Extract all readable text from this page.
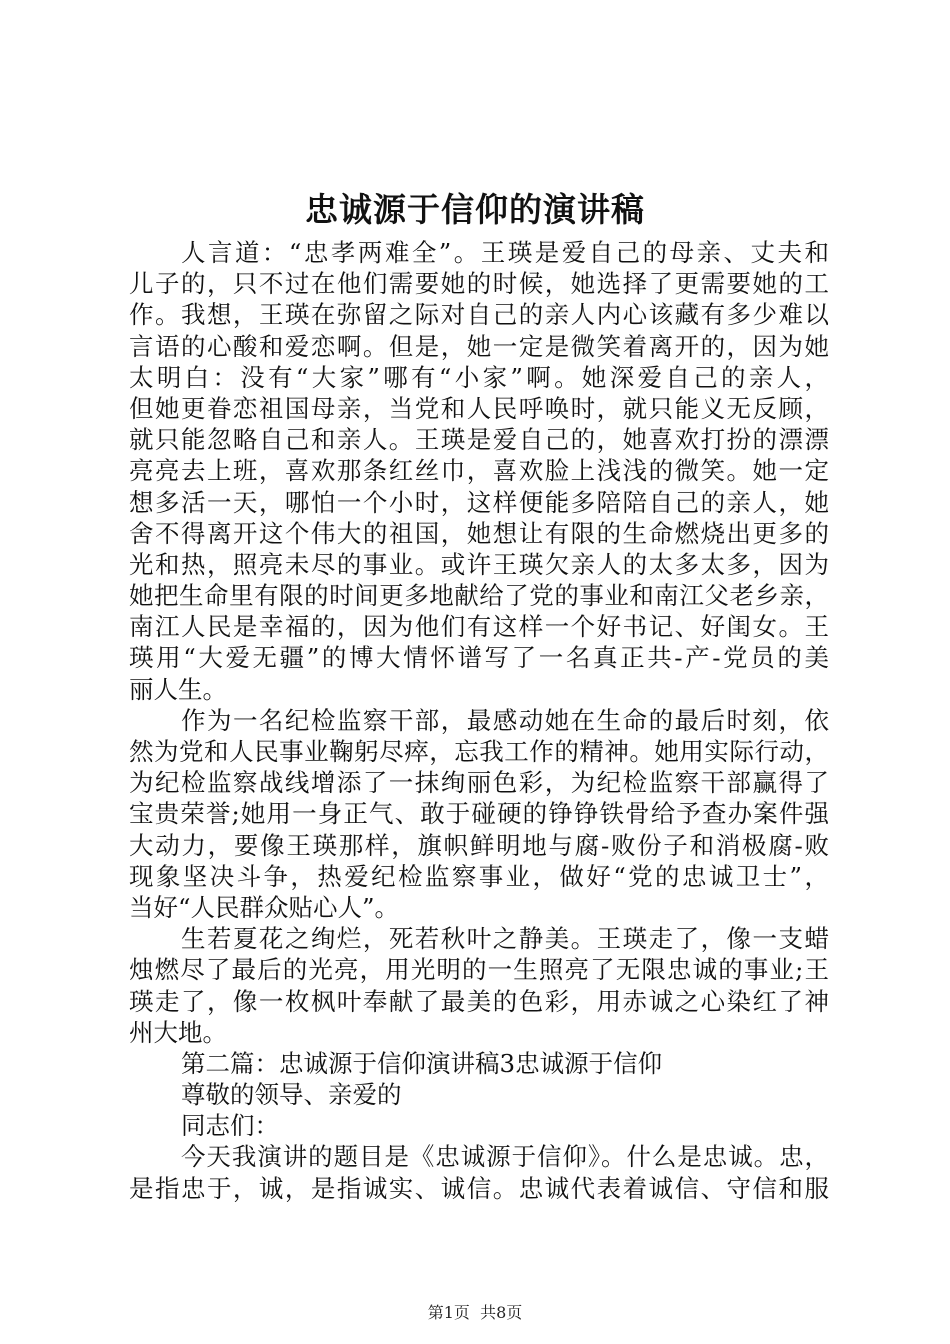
忠诚源于信仰的演讲稿

人言道：“忠孝两难全”。王瑛是爱自己的母亲、丈夫和

儿子的，只不过在他们需要她的时候，她选择了更需要她的工

作。我想，王瑛在弥留之际对自己的亲人内心该藏有多少难以

言语的心酸和爱恋啊。但是，她一定是微笑着离开的，因为她

太明白：没有“大家”哪有“小家”啊。她深爱自己的亲人，

但她更眷恋祖国母亲，当党和人民呼唤时，就只能义无反顾，

就只能忽略自己和亲人。王瑛是爱自己的，她喜欢打扮的漂漂

亮亮去上班，喜欢那条红丝巾，喜欢脸上浅浅的微笑。她一定

想多活一天，哪怕一个小时，这样便能多陪陪自己的亲人，她

舍不得离开这个伟大的祖国，她想让有限的生命燃烧出更多的

光和热，照亮未尽的事业。或许王瑛欠亲人的太多太多，因为

她把生命里有限的时间更多地献给了党的事业和南江父老乡亲，

南江人民是幸福的，因为他们有这样一个好书记、好闺女。王

瑛用“大爱无疆”的博大情怀谱写了一名真正共-产-党员的美

丽人生。

作为一名纪检监察干部，最感动她在生命的最后时刻，依

然为党和人民事业鞠躬尽瘁，忘我工作的精神。她用实际行动，

为纪检监察战线增添了一抹绚丽色彩，为纪检监察干部赢得了

宝贵荣誉;她用一身正气、敢于碰硬的铮铮铁骨给予查办案件强

大动力，要像王瑛那样，旗帜鲜明地与腐-败份子和消极腐-败

现象坚决斗争，热爱纪检监察事业，做好“党的忠诚卫士”，

当好“人民群众贴心人”。

生若夏花之绚烂，死若秋叶之静美。王瑛走了，像一支蜡

烛燃尽了最后的光亮，用光明的一生照亮了无限忠诚的事业;王

瑛走了，像一枚枫叶奉献了最美的色彩，用赤诚之心染红了神

州大地。

第二篇：忠诚源于信仰演讲稿3忠诚源于信仰

尊敬的领导、亲爱的

同志们：

今天我演讲的题目是《忠诚源于信仰》。什么是忠诚。忠，

是指忠于，诚，是指诚实、诚信。忠诚代表着诚信、守信和服

第1页  共8页
